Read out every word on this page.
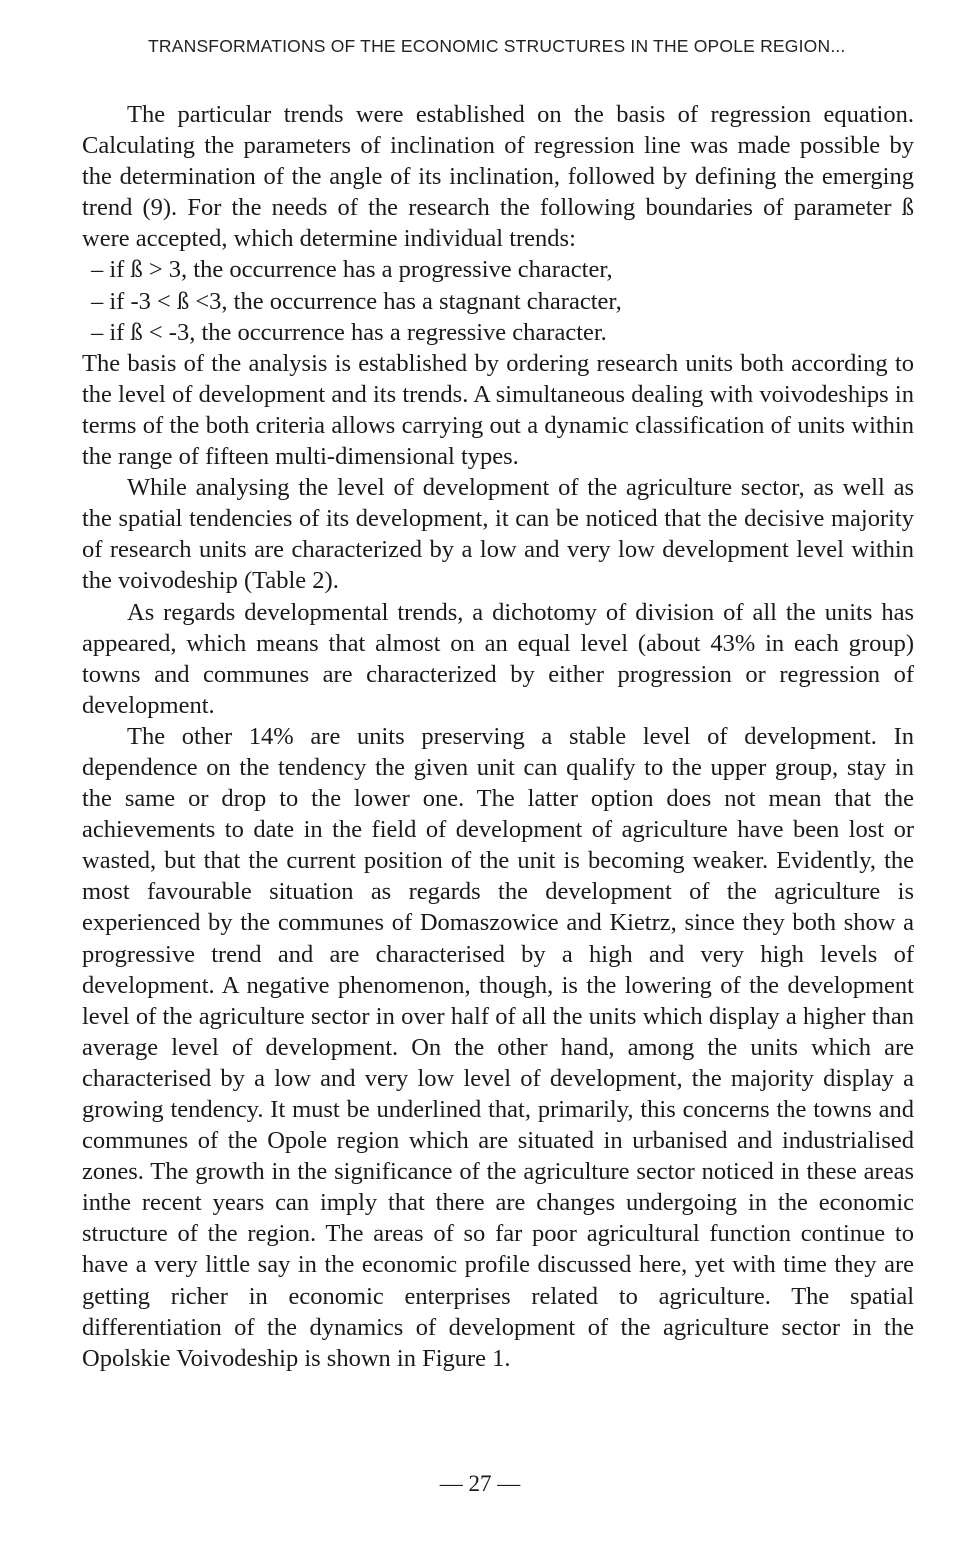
TRANSFORMATIONS OF THE ECONOMIC STRUCTURES IN THE OPOLE REGION...

The particular trends were established on the basis of regression equation. Calculating the parameters of inclination of regression line was made possible by the determination of the angle of its inclination, followed by defining the emerging trend (9). For the needs of the research the following boundaries of parameter ß were accepted, which determine individual trends:

– if ß > 3, the occurrence has a progressive character,
– if -3 < ß <3, the occurrence has a stagnant character,
– if ß < -3, the occurrence has a regressive character.

The basis of the analysis is established by ordering research units both according to the level of development and its trends. A simultaneous dealing with voivodeships in terms of the both criteria allows carrying out a dynamic classification of units within the range of fifteen multi-dimensional types.

While analysing the level of development of the agriculture sector, as well as the spatial tendencies of its development, it can be noticed that the decisive majority of research units are characterized by a low and very low development level within the voivodeship (Table 2).

As regards developmental trends, a dichotomy of division of all the units has appeared, which means that almost on an equal level (about 43% in each group) towns and communes are characterized by either progression or regression of development.

The other 14% are units preserving a stable level of development. In dependence on the tendency the given unit can qualify to the upper group, stay in the same or drop to the lower one. The latter option does not mean that the achievements to date in the field of development of agriculture have been lost or wasted, but that the current position of the unit is becoming weaker. Evidently, the most favourable situation as regards the development of the agriculture is experienced by the communes of Domaszowice and Kietrz, since they both show a progressive trend and are characterised by a high and very high levels of development. A negative phenomenon, though, is the lowering of the development level of the agriculture sector in over half of all the units which display a higher than average level of development. On the other hand, among the units which are characterised by a low and very low level of development, the majority display a growing tendency. It must be underlined that, primarily, this concerns the towns and communes of the Opole region which are situated in urbanised and industrialised zones. The growth in the significance of the agriculture sector noticed in these areas inthe recent years can imply that there are changes undergoing in the economic structure of the region. The areas of so far poor agricultural function continue to have a very little say in the economic profile discussed here, yet with time they are getting richer in economic enterprises related to agriculture. The spatial differentiation of the dynamics of development of the agriculture sector in the Opolskie Voivodeship is shown in Figure 1.

— 27 —
